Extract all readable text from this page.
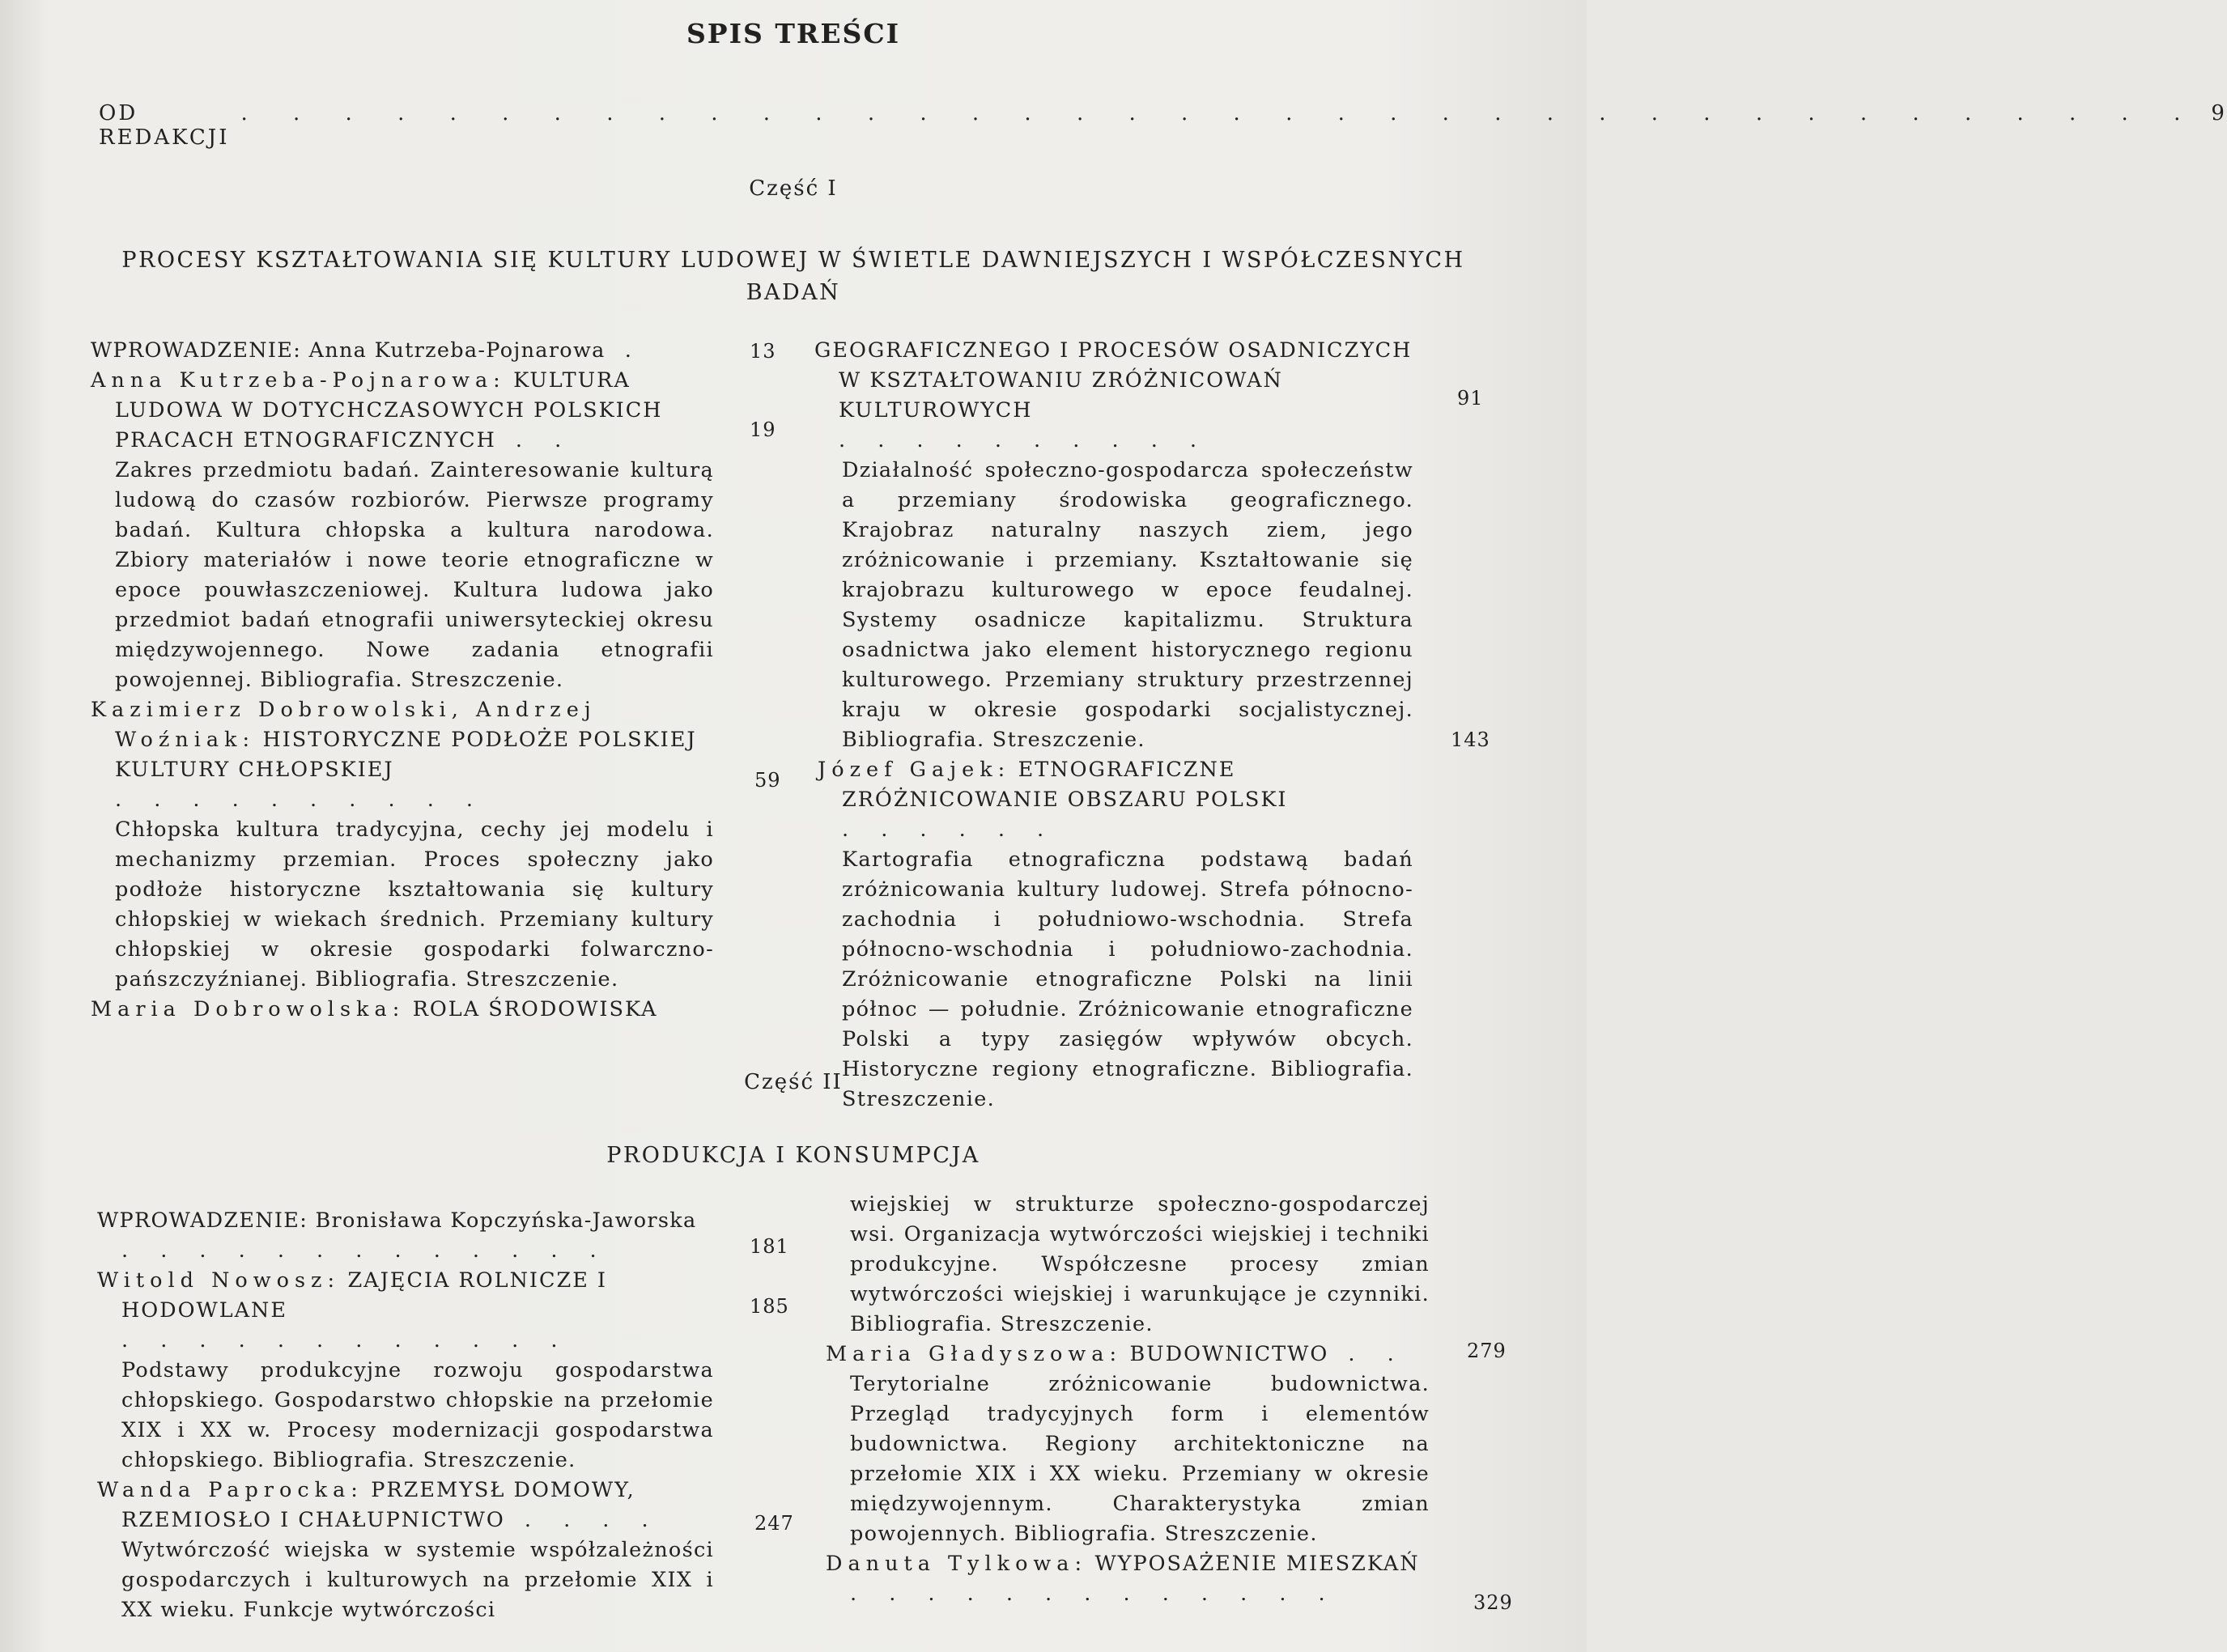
SPIS TREŚCI
OD REDAKCJI
. . . . . . . . . . . . . . . . . . . . . . . . . . . . . . . . . . . . . . 9
Część I
PROCESY KSZTAŁTOWANIA SIĘ KULTURY LUDOWEJ W ŚWIETLE DAWNIEJSZYCH I WSPÓŁCZESNYCH BADAŃ
WPROWADZENIE: Anna Kutrzeba-Pojnarowa .
Anna Kutrzeba-Pojnarowa: KULTURA LUDOWA W DOTYCHCZASOWYCH POLSKICH PRACACH ETNOGRAFICZNYCH . .
Zakres przedmiotu badań. Zainteresowanie kulturą ludową do czasów rozbiorów. Pierwsze programy badań. Kultura chłopska a kultura narodowa. Zbiory materiałów i nowe teorie etnograficzne w epoce pouwłaszczeniowej. Kultura ludowa jako przedmiot badań etnografii uniwersyteckiej okresu międzywojennego. Nowe zadania etnografii powojennej. Bibliografia. Streszczenie.
Kazimierz Dobrowolski, Andrzej Woźniak: HISTORYCZNE PODŁOŻE POLSKIEJ KULTURY CHŁOPSKIEJ . . . . . . . . . .
Chłopska kultura tradycyjna, cechy jej modelu i mechanizmy przemian. Proces społeczny jako podłoże historyczne kształtowania się kultury chłopskiej w wiekach średnich. Przemiany kultury chłopskiej w okresie gospodarki folwarczno-pańszczyźnianej. Bibliografia. Streszczenie.
Maria Dobrowolska: ROLA ŚRODOWISKA
13
19
59
GEOGRAFICZNEGO I PROCESÓW OSADNICZYCH W KSZTAŁTOWANIU ZRÓŻNICOWAŃ KULTUROWYCH . . . . . . . . . .
Działalność społeczno-gospodarcza społeczeństw a przemiany środowiska geograficznego. Krajobraz naturalny naszych ziem, jego zróżnicowanie i przemiany. Kształtowanie się krajobrazu kulturowego w epoce feudalnej. Systemy osadnicze kapitalizmu. Struktura osadnictwa jako element historycznego regionu kulturowego. Przemiany struktury przestrzennej kraju w okresie gospodarki socjalistycznej. Bibliografia. Streszczenie.
Józef Gajek: ETNOGRAFICZNE ZRÓŻNICOWANIE OBSZARU POLSKI . . . . . .
Kartografia etnograficzna podstawą badań zróżnicowania kultury ludowej. Strefa północno-zachodnia i południowo-wschodnia. Strefa północno-wschodnia i południowo-zachodnia. Zróżnicowanie etnograficzne Polski na linii północ — południe. Zróżnicowanie etnograficzne Polski a typy zasięgów wpływów obcych. Historyczne regiony etnograficzne. Bibliografia. Streszczenie.
91
143
Część II
PRODUKCJA I KONSUMPCJA
WPROWADZENIE: Bronisława Kopczyńska-Jaworska . . . . . . . . . . . . .
Witold Nowosz: ZAJĘCIA ROLNICZE I HODOWLANE . . . . . . . . . . . .
Podstawy produkcyjne rozwoju gospodarstwa chłopskiego. Gospodarstwo chłopskie na przełomie XIX i XX w. Procesy modernizacji gospodarstwa chłopskiego. Bibliografia. Streszczenie.
Wanda Paprocka: PRZEMYSŁ DOMOWY, RZEMIOSŁO I CHAŁUPNICTWO . . . .
Wytwórczość wiejska w systemie współzależności gospodarczych i kulturowych na przełomie XIX i XX wieku. Funkcje wytwórczości
181
185
247
wiejskiej w strukturze społeczno-gospodarczej wsi. Organizacja wytwórczości wiejskiej i techniki produkcyjne. Współczesne procesy zmian wytwórczości wiejskiej i warunkujące je czynniki. Bibliografia. Streszczenie.
Maria Gładyszowa: BUDOWNICTWO . .
Terytorialne zróżnicowanie budownictwa. Przegląd tradycyjnych form i elementów budownictwa. Regiony architektoniczne na przełomie XIX i XX wieku. Przemiany w okresie międzywojennym. Charakterystyka zmian powojennych. Bibliografia. Streszczenie.
Danuta Tylkowa: WYPOSAŻENIE MIESZKAŃ . . . . . . . . . . . . .
279
329
